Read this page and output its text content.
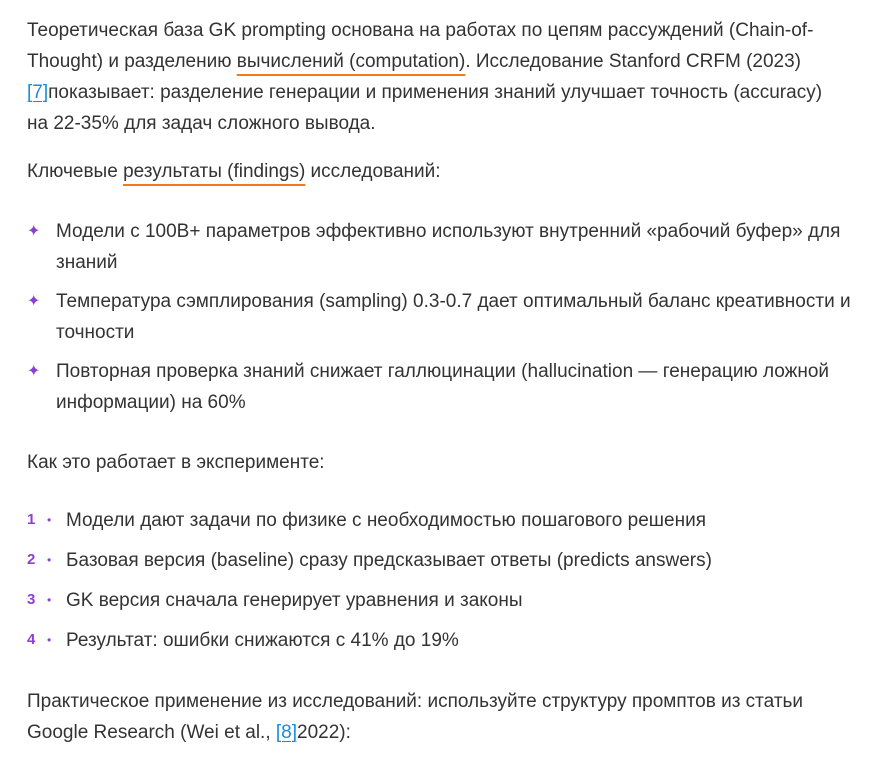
Теоретическая база GK prompting основана на работах по цепям рассуждений (Chain-of-Thought) и разделению вычислений (computation). Исследование Stanford CRFM (2023) [7]показывает: разделение генерации и применения знаний улучшает точность (accuracy) на 22-35% для задач сложного вывода.

Ключевые результаты (findings) исследований:

✦ Модели с 100B+ параметров эффективно используют внутренний «рабочий буфер» для знаний
✦ Температура сэмплирования (sampling) 0.3-0.7 дает оптимальный баланс креативности и точности
✦ Повторная проверка знаний снижает галлюцинации (hallucination — генерацию ложной информации) на 60%

Как это работает в эксперименте:

1 • Модели дают задачи по физике с необходимостью пошагового решения
2 • Базовая версия (baseline) сразу предсказывает ответы (predicts answers)
3 • GK версия сначала генерирует уравнения и законы
4 • Результат: ошибки снижаются с 41% до 19%

Практическое применение из исследований: используйте структуру промптов из статьи Google Research (Wei et al., [8]2022):
